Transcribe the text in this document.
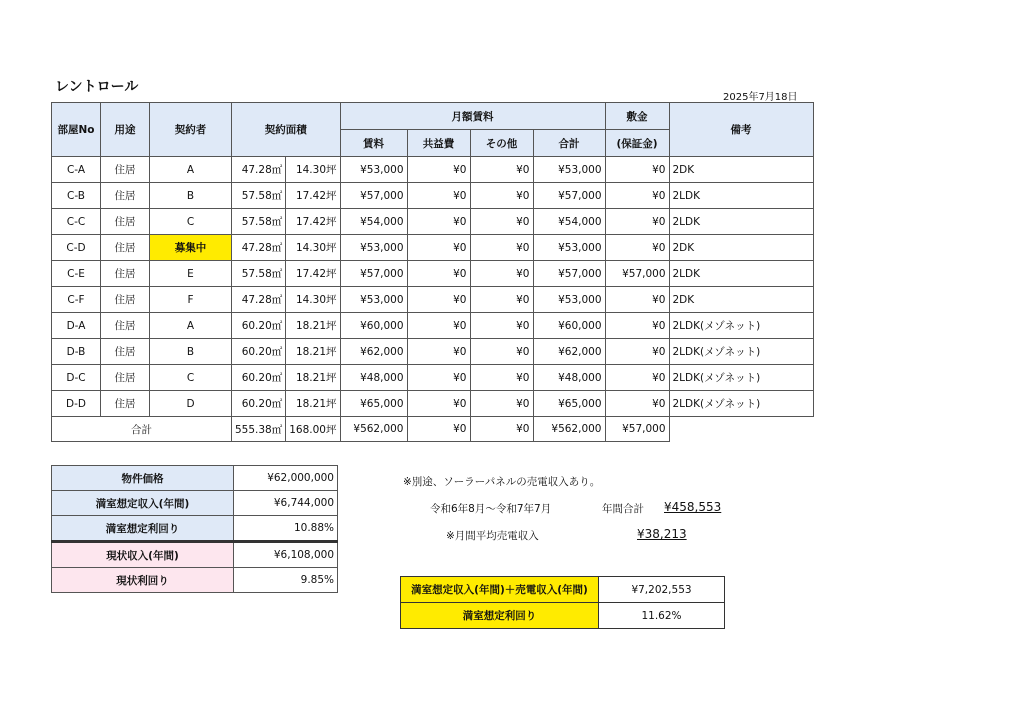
レントロール
2025年7月18日
部屋No	用途	契約者	契約面積		月額賃料				敷金	備考
					賃料	共益費	その他	合計	(保証金)	
C-A	住居	A	47.28㎡	14.30坪	¥53,000	¥0	¥0	¥53,000	¥0	2DK
C-B	住居	B	57.58㎡	17.42坪	¥57,000	¥0	¥0	¥57,000	¥0	2LDK
C-C	住居	C	57.58㎡	17.42坪	¥54,000	¥0	¥0	¥54,000	¥0	2LDK
C-D	住居	募集中	47.28㎡	14.30坪	¥53,000	¥0	¥0	¥53,000	¥0	2DK
C-E	住居	E	57.58㎡	17.42坪	¥57,000	¥0	¥0	¥57,000	¥57,000	2LDK
C-F	住居	F	47.28㎡	14.30坪	¥53,000	¥0	¥0	¥53,000	¥0	2DK
D-A	住居	A	60.20㎡	18.21坪	¥60,000	¥0	¥0	¥60,000	¥0	2LDK(メゾネット)
D-B	住居	B	60.20㎡	18.21坪	¥62,000	¥0	¥0	¥62,000	¥0	2LDK(メゾネット)
D-C	住居	C	60.20㎡	18.21坪	¥48,000	¥0	¥0	¥48,000	¥0	2LDK(メゾネット)
D-D	住居	D	60.20㎡	18.21坪	¥65,000	¥0	¥0	¥65,000	¥0	2LDK(メゾネット)
合計			555.38㎡	168.00坪	¥562,000	¥0	¥0	¥562,000	¥57,000	
物件価格	¥62,000,000
満室想定収入(年間)	¥6,744,000
満室想定利回り	10.88%
現状収入(年間)	¥6,108,000
現状利回り	9.85%
※別途、ソーラーパネルの売電収入あり。
令和6年8月～令和7年7月	年間合計 ¥458,553
※月間平均売電収入	¥38,213
満室想定収入(年間)＋売電収入(年間)	¥7,202,553
満室想定利回り	11.62%
